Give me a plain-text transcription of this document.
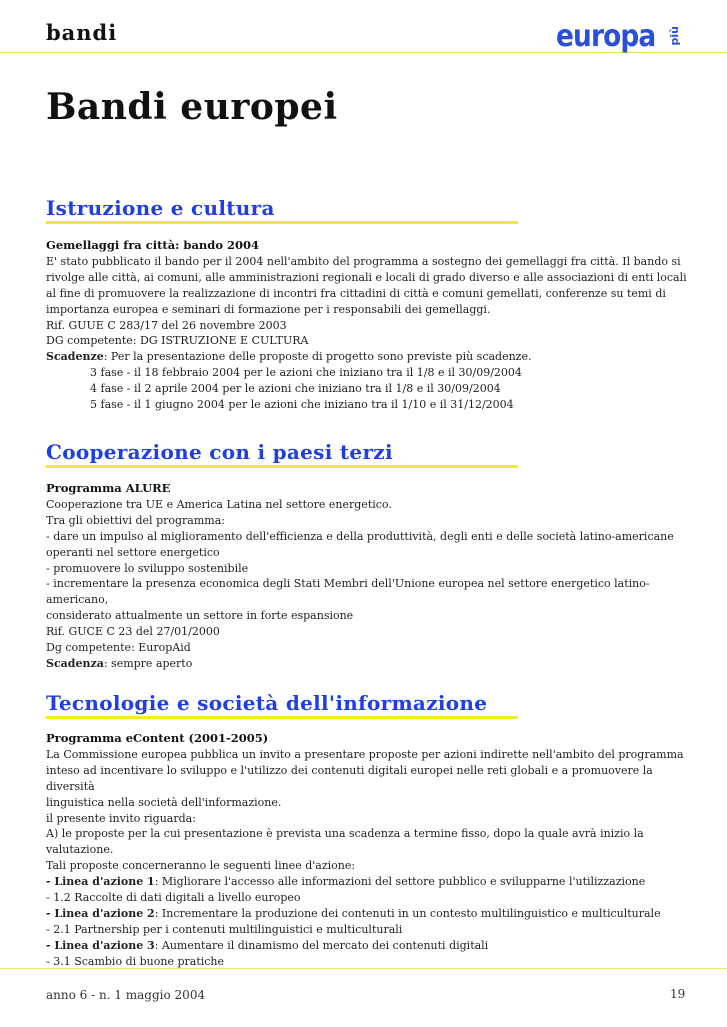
bandi	europa più
Bandi europei
Istruzione e cultura

Gemellaggi fra città: bando 2004

E' stato pubblicato il bando per il 2004 nell'ambito del programma a sostegno dei gemellaggi fra città. Il bando si

rivolge alle città, ai comuni, alle amministrazioni regionali e locali di grado diverso e alle associazioni di enti locali

al fine di promuovere la realizzazione di incontri fra cittadini di città e comuni gemellati, conferenze su temi di

importanza europea e seminari di formazione per i responsabili dei gemellaggi.

Rif. GUUE C 283/17 del 26 novembre 2003

DG competente: DG ISTRUZIONE E CULTURA

Scadenze: Per la presentazione delle proposte di progetto sono previste più scadenze.

3 fase - il 18 febbraio 2004 per le azioni che iniziano tra il 1/8 e il 30/09/2004

4 fase - il 2 aprile 2004 per le azioni che iniziano tra il 1/8 e il 30/09/2004

5 fase - il 1 giugno 2004 per le azioni che iniziano tra il 1/10 e il 31/12/2004

Cooperazione con i paesi terzi

Programma ALURE

Cooperazione tra UE e America Latina nel settore energetico.

Tra gli obiettivi del programma:

- dare un impulso al miglioramento dell'efficienza e della produttività, degli enti e delle società latino-americane

operanti nel settore energetico

- promuovere lo sviluppo sostenibile

- incrementare la presenza economica degli Stati Membri dell'Unione europea nel settore energetico latino-americano,

considerato attualmente un settore in forte espansione

Rif. GUCE C 23 del 27/01/2000

Dg competente: EuropAid

Scadenza: sempre aperto

Tecnologie e società dell'informazione

Programma eContent (2001-2005)

La Commissione europea pubblica un invito a presentare proposte per azioni indirette nell'ambito del programma

inteso ad incentivare lo sviluppo e l'utilizzo dei contenuti digitali europei nelle reti globali e a promuovere la diversità

linguistica nella società dell'informazione.

il presente invito riguarda:

A) le proposte per la cui presentazione è prevista una scadenza a termine fisso, dopo la quale avrà inizio la valutazione.

Tali proposte concerneranno le seguenti linee d'azione:

- Linea d'azione 1: Migliorare l'accesso alle informazioni del settore pubblico e svilupparne l'utilizzazione

- 1.2 Raccolte di dati digitali a livello europeo

- Linea d'azione 2: Incrementare la produzione dei contenuti in un contesto multilinguistico e multiculturale

- 2.1 Partnership per i contenuti multilinguistici e multiculturali

- Linea d'azione 3: Aumentare il dinamismo del mercato dei contenuti digitali

- 3.1 Scambio di buone pratiche

anno 6 - n. 1 maggio 2004	19
